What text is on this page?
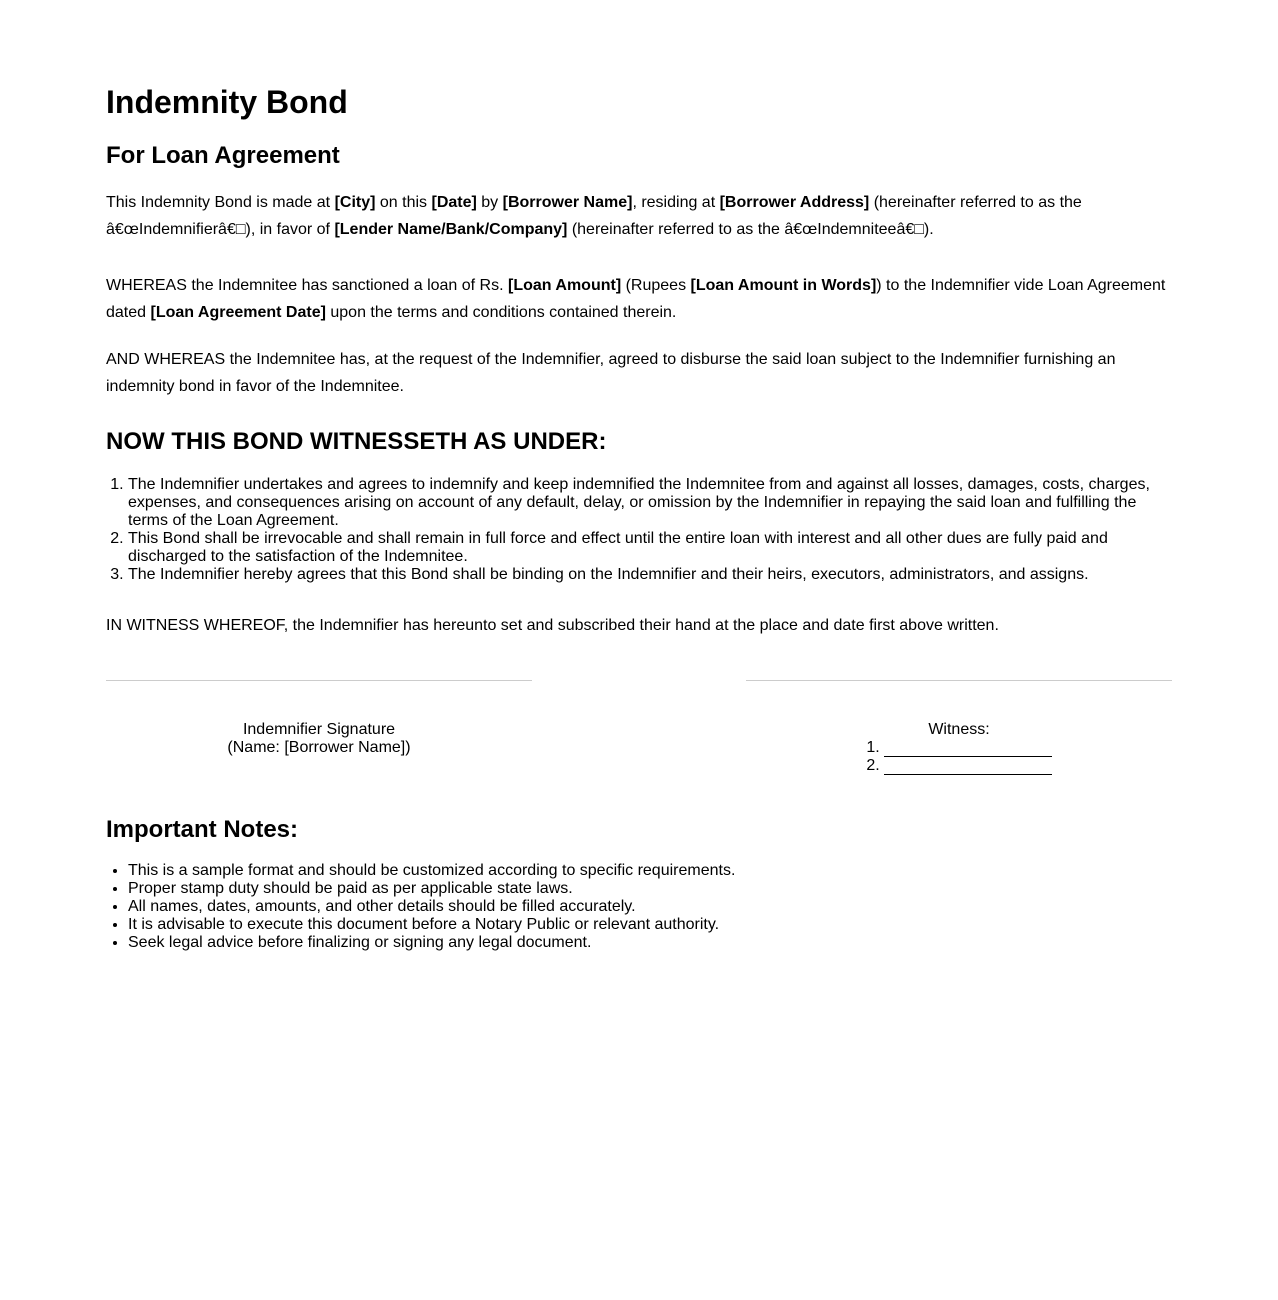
Indemnity Bond
For Loan Agreement

This Indemnity Bond is made at [City] on this [Date] by [Borrower Name], residing at [Borrower Address] (hereinafter referred to as the â€œIndemnifierâ€□), in favor of [Lender Name/Bank/Company] (hereinafter referred to as the â€œIndemniteeâ€□).

WHEREAS the Indemnitee has sanctioned a loan of Rs. [Loan Amount] (Rupees [Loan Amount in Words]) to the Indemnifier vide Loan Agreement dated [Loan Agreement Date] upon the terms and conditions contained therein.

AND WHEREAS the Indemnitee has, at the request of the Indemnifier, agreed to disburse the said loan subject to the Indemnifier furnishing an indemnity bond in favor of the Indemnitee.

NOW THIS BOND WITNESSETH AS UNDER:
1. The Indemnifier undertakes and agrees to indemnify and keep indemnified the Indemnitee from and against all losses, damages, costs, charges, expenses, and consequences arising on account of any default, delay, or omission by the Indemnifier in repaying the said loan and fulfilling the terms of the Loan Agreement.
2. This Bond shall be irrevocable and shall remain in full force and effect until the entire loan with interest and all other dues are fully paid and discharged to the satisfaction of the Indemnitee.
3. The Indemnifier hereby agrees that this Bond shall be binding on the Indemnifier and their heirs, executors, administrators, and assigns.

IN WITNESS WHEREOF, the Indemnifier has hereunto set and subscribed their hand at the place and date first above written.

Indemnifier Signature
(Name: [Borrower Name])
Witness:
1.
2.
Important Notes:
• This is a sample format and should be customized according to specific requirements.
• Proper stamp duty should be paid as per applicable state laws.
• All names, dates, amounts, and other details should be filled accurately.
• It is advisable to execute this document before a Notary Public or relevant authority.
• Seek legal advice before finalizing or signing any legal document.
